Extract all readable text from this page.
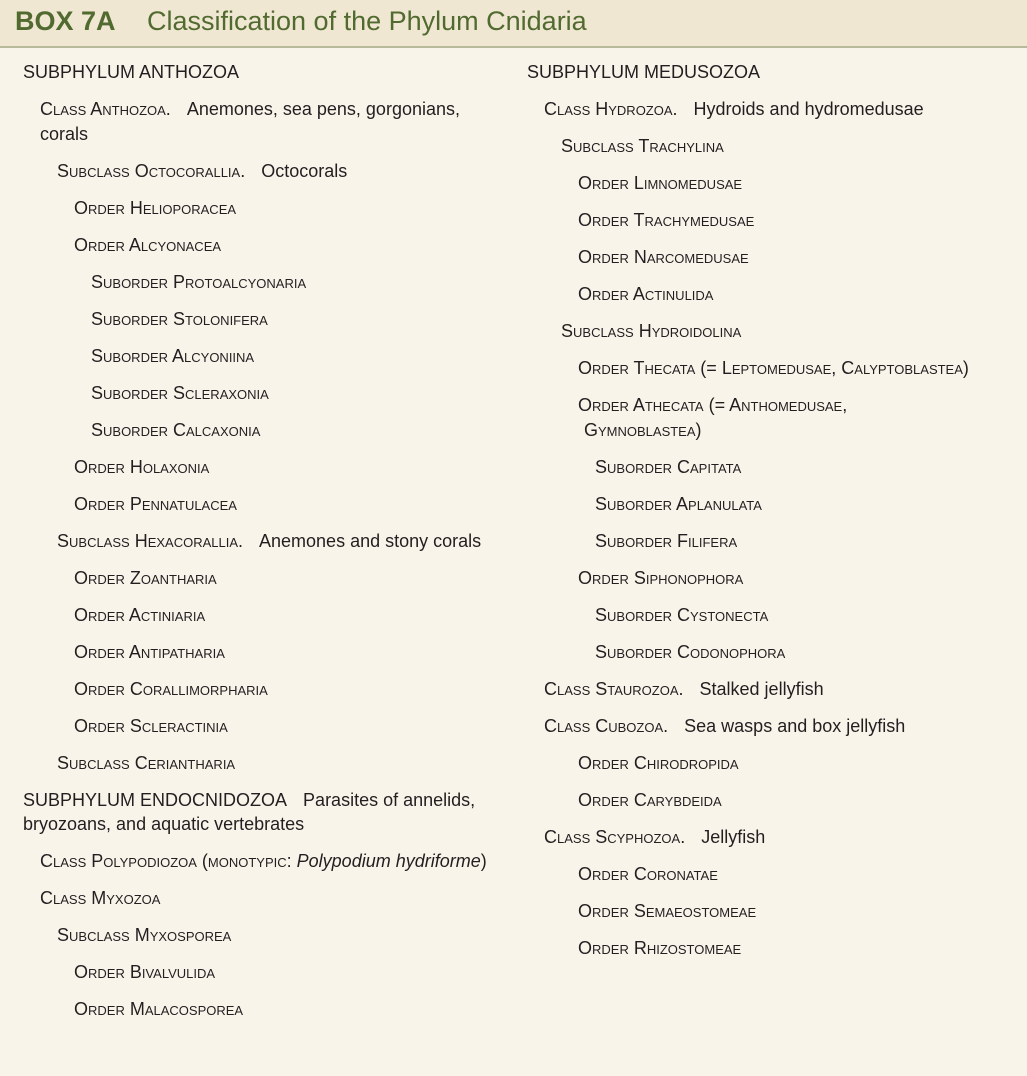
BOX 7A Classification of the Phylum Cnidaria
SUBPHYLUM ANTHOZOA
Class Anthozoa. Anemones, sea pens, gorgonians, corals
Subclass Octocorallia. Octocorals
Order Helioporacea
Order Alcyonacea
Suborder Protoalcyonaria
Suborder Stolonifera
Suborder Alcyoniina
Suborder Scleraxonia
Suborder Calcaxonia
Order Holaxonia
Order Pennatulacea
Subclass Hexacorallia. Anemones and stony corals
Order Zoantharia
Order Actiniaria
Order Antipatharia
Order Corallimorpharia
Order Scleractinia
Subclass Ceriantharia
SUBPHYLUM ENDOCNIDOZOA Parasites of annelids, bryozoans, and aquatic vertebrates
Class Polypodiozoa (monotypic: Polypodium hydriforme)
Class Myxozoa
Subclass Myxosporea
Order Bivalvulida
Order Malacosporea
SUBPHYLUM MEDUSOZOA
Class Hydrozoa. Hydroids and hydromedusae
Subclass Trachylina
Order Limnomedusae
Order Trachymedusae
Order Narcomedusae
Order Actinulida
Subclass Hydroidolina
Order Thecata (= Leptomedusae, Calyptoblastea)
Order Athecata (= Anthomedusae,
Gymnoblastea)
Suborder Capitata
Suborder Aplanulata
Suborder Filifera
Order Siphonophora
Suborder Cystonecta
Suborder Codonophora
Class Staurozoa. Stalked jellyfish
Class Cubozoa. Sea wasps and box jellyfish
Order Chirodropida
Order Carybdeida
Class Scyphozoa. Jellyfish
Order Coronatae
Order Semaeostomeae
Order Rhizostomeae
